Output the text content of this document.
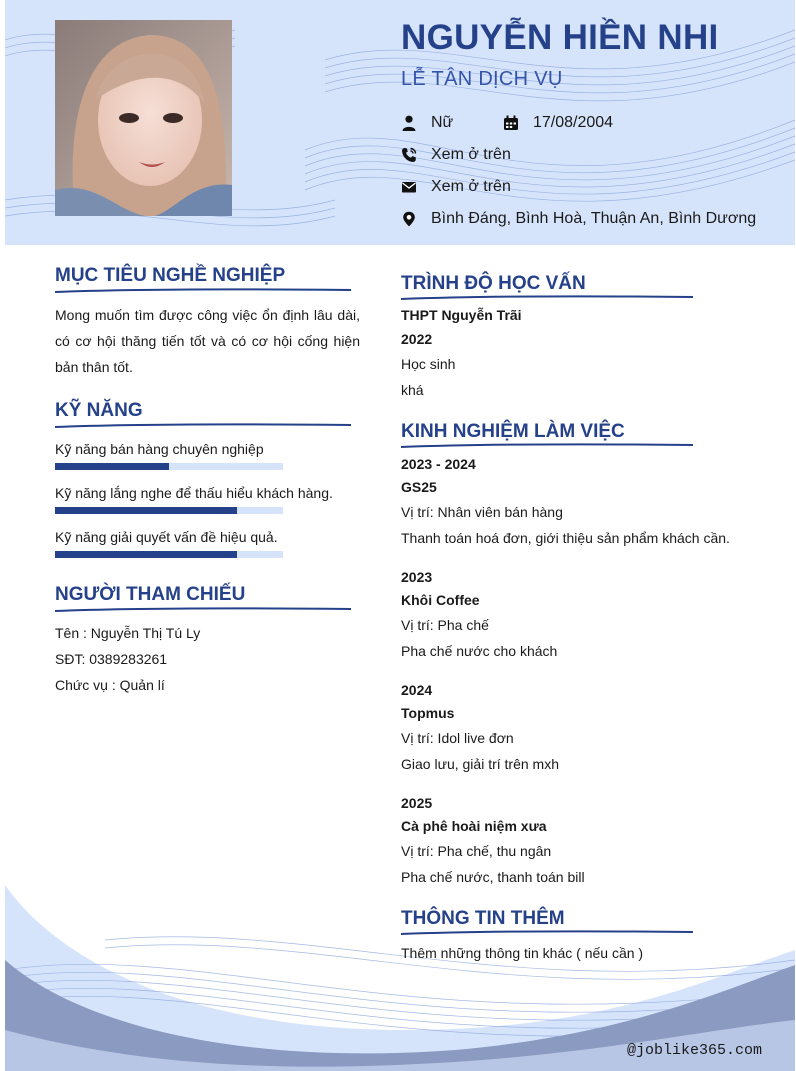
NGUYỄN HIỀN NHI
LỄ TÂN DỊCH VỤ
Nữ	17/08/2004
Xem ở trên
Xem ở trên
Bình Đáng, Bình Hoà, Thuận An, Bình Dương
MỤC TIÊU NGHỀ NGHIỆP
Mong muốn tìm được công việc ổn định lâu dài, có cơ hội thăng tiến tốt và có cơ hội cống hiện bản thân tốt.
KỸ NĂNG
Kỹ năng bán hàng chuyên nghiệp
Kỹ năng lắng nghe để thấu hiểu khách hàng.
Kỹ năng giải quyết vấn đề hiệu quả.
NGƯỜI THAM CHIẾU
Tên : Nguyễn Thị Tú Ly
SĐT: 0389283261
Chức vụ : Quản lí
TRÌNH ĐỘ HỌC VẤN
THPT Nguyễn Trãi
2022
Học sinh
khá
KINH NGHIỆM LÀM VIỆC
2023 - 2024
GS25
Vị trí: Nhân viên bán hàng
Thanh toán hoá đơn, giới thiệu sản phẩm khách cần.
2023
Khôi Coffee
Vị trí: Pha chế
Pha chế nước cho khách
2024
Topmus
Vị trí: Idol live đơn
Giao lưu, giải trí trên mxh
2025
Cà phê hoài niệm xưa
Vị trí: Pha chế, thu ngân
Pha chế nước, thanh toán bill
THÔNG TIN THÊM
Thêm những thông tin khác ( nếu cần )
@joblike365.com
